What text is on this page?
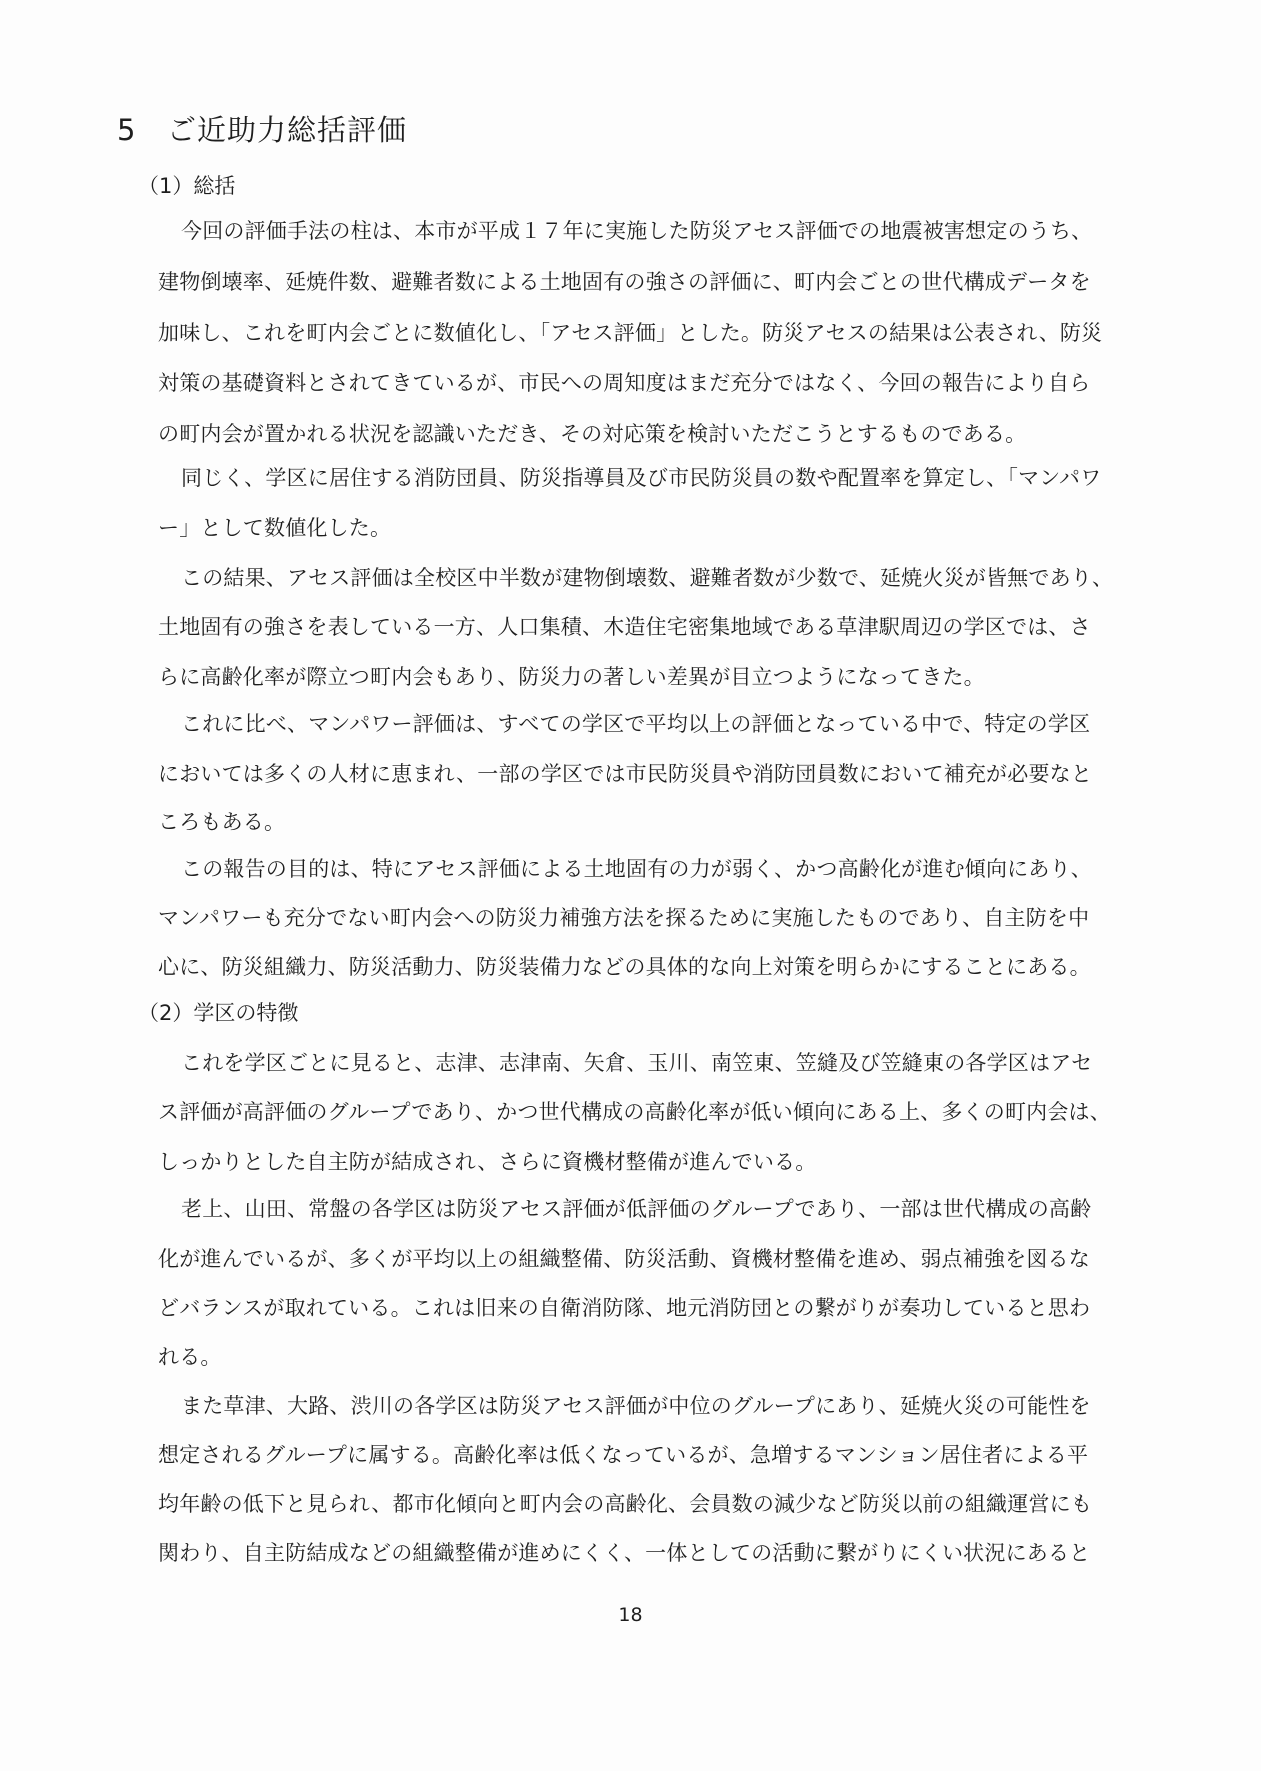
5 ご近助力総括評価
（1）総括
今回の評価手法の柱は、本市が平成１７年に実施した防災アセス評価での地震被害想定のうち、
建物倒壊率、延焼件数、避難者数による土地固有の強さの評価に、町内会ごとの世代構成データを
加味し、これを町内会ごとに数値化し、「アセス評価」とした。防災アセスの結果は公表され、防災
対策の基礎資料とされてきているが、市民への周知度はまだ充分ではなく、今回の報告により自ら
の町内会が置かれる状況を認識いただき、その対応策を検討いただこうとするものである。
同じく、学区に居住する消防団員、防災指導員及び市民防災員の数や配置率を算定し、「マンパワ
ー」として数値化した。
この結果、アセス評価は全校区中半数が建物倒壊数、避難者数が少数で、延焼火災が皆無であり、
土地固有の強さを表している一方、人口集積、木造住宅密集地域である草津駅周辺の学区では、さ
らに高齢化率が際立つ町内会もあり、防災力の著しい差異が目立つようになってきた。
これに比べ、マンパワー評価は、すべての学区で平均以上の評価となっている中で、特定の学区
においては多くの人材に恵まれ、一部の学区では市民防災員や消防団員数において補充が必要なと
ころもある。
この報告の目的は、特にアセス評価による土地固有の力が弱く、かつ高齢化が進む傾向にあり、
マンパワーも充分でない町内会への防災力補強方法を探るために実施したものであり、自主防を中
心に、防災組織力、防災活動力、防災装備力などの具体的な向上対策を明らかにすることにある。
（2）学区の特徴
これを学区ごとに見ると、志津、志津南、矢倉、玉川、南笠東、笠縫及び笠縫東の各学区はアセ
ス評価が高評価のグループであり、かつ世代構成の高齢化率が低い傾向にある上、多くの町内会は、
しっかりとした自主防が結成され、さらに資機材整備が進んでいる。
老上、山田、常盤の各学区は防災アセス評価が低評価のグループであり、一部は世代構成の高齢
化が進んでいるが、多くが平均以上の組織整備、防災活動、資機材整備を進め、弱点補強を図るな
どバランスが取れている。これは旧来の自衛消防隊、地元消防団との繋がりが奏功していると思わ
れる。
また草津、大路、渋川の各学区は防災アセス評価が中位のグループにあり、延焼火災の可能性を
想定されるグループに属する。高齢化率は低くなっているが、急増するマンション居住者による平
均年齢の低下と見られ、都市化傾向と町内会の高齢化、会員数の減少など防災以前の組織運営にも
関わり、自主防結成などの組織整備が進めにくく、一体としての活動に繋がりにくい状況にあると
18
